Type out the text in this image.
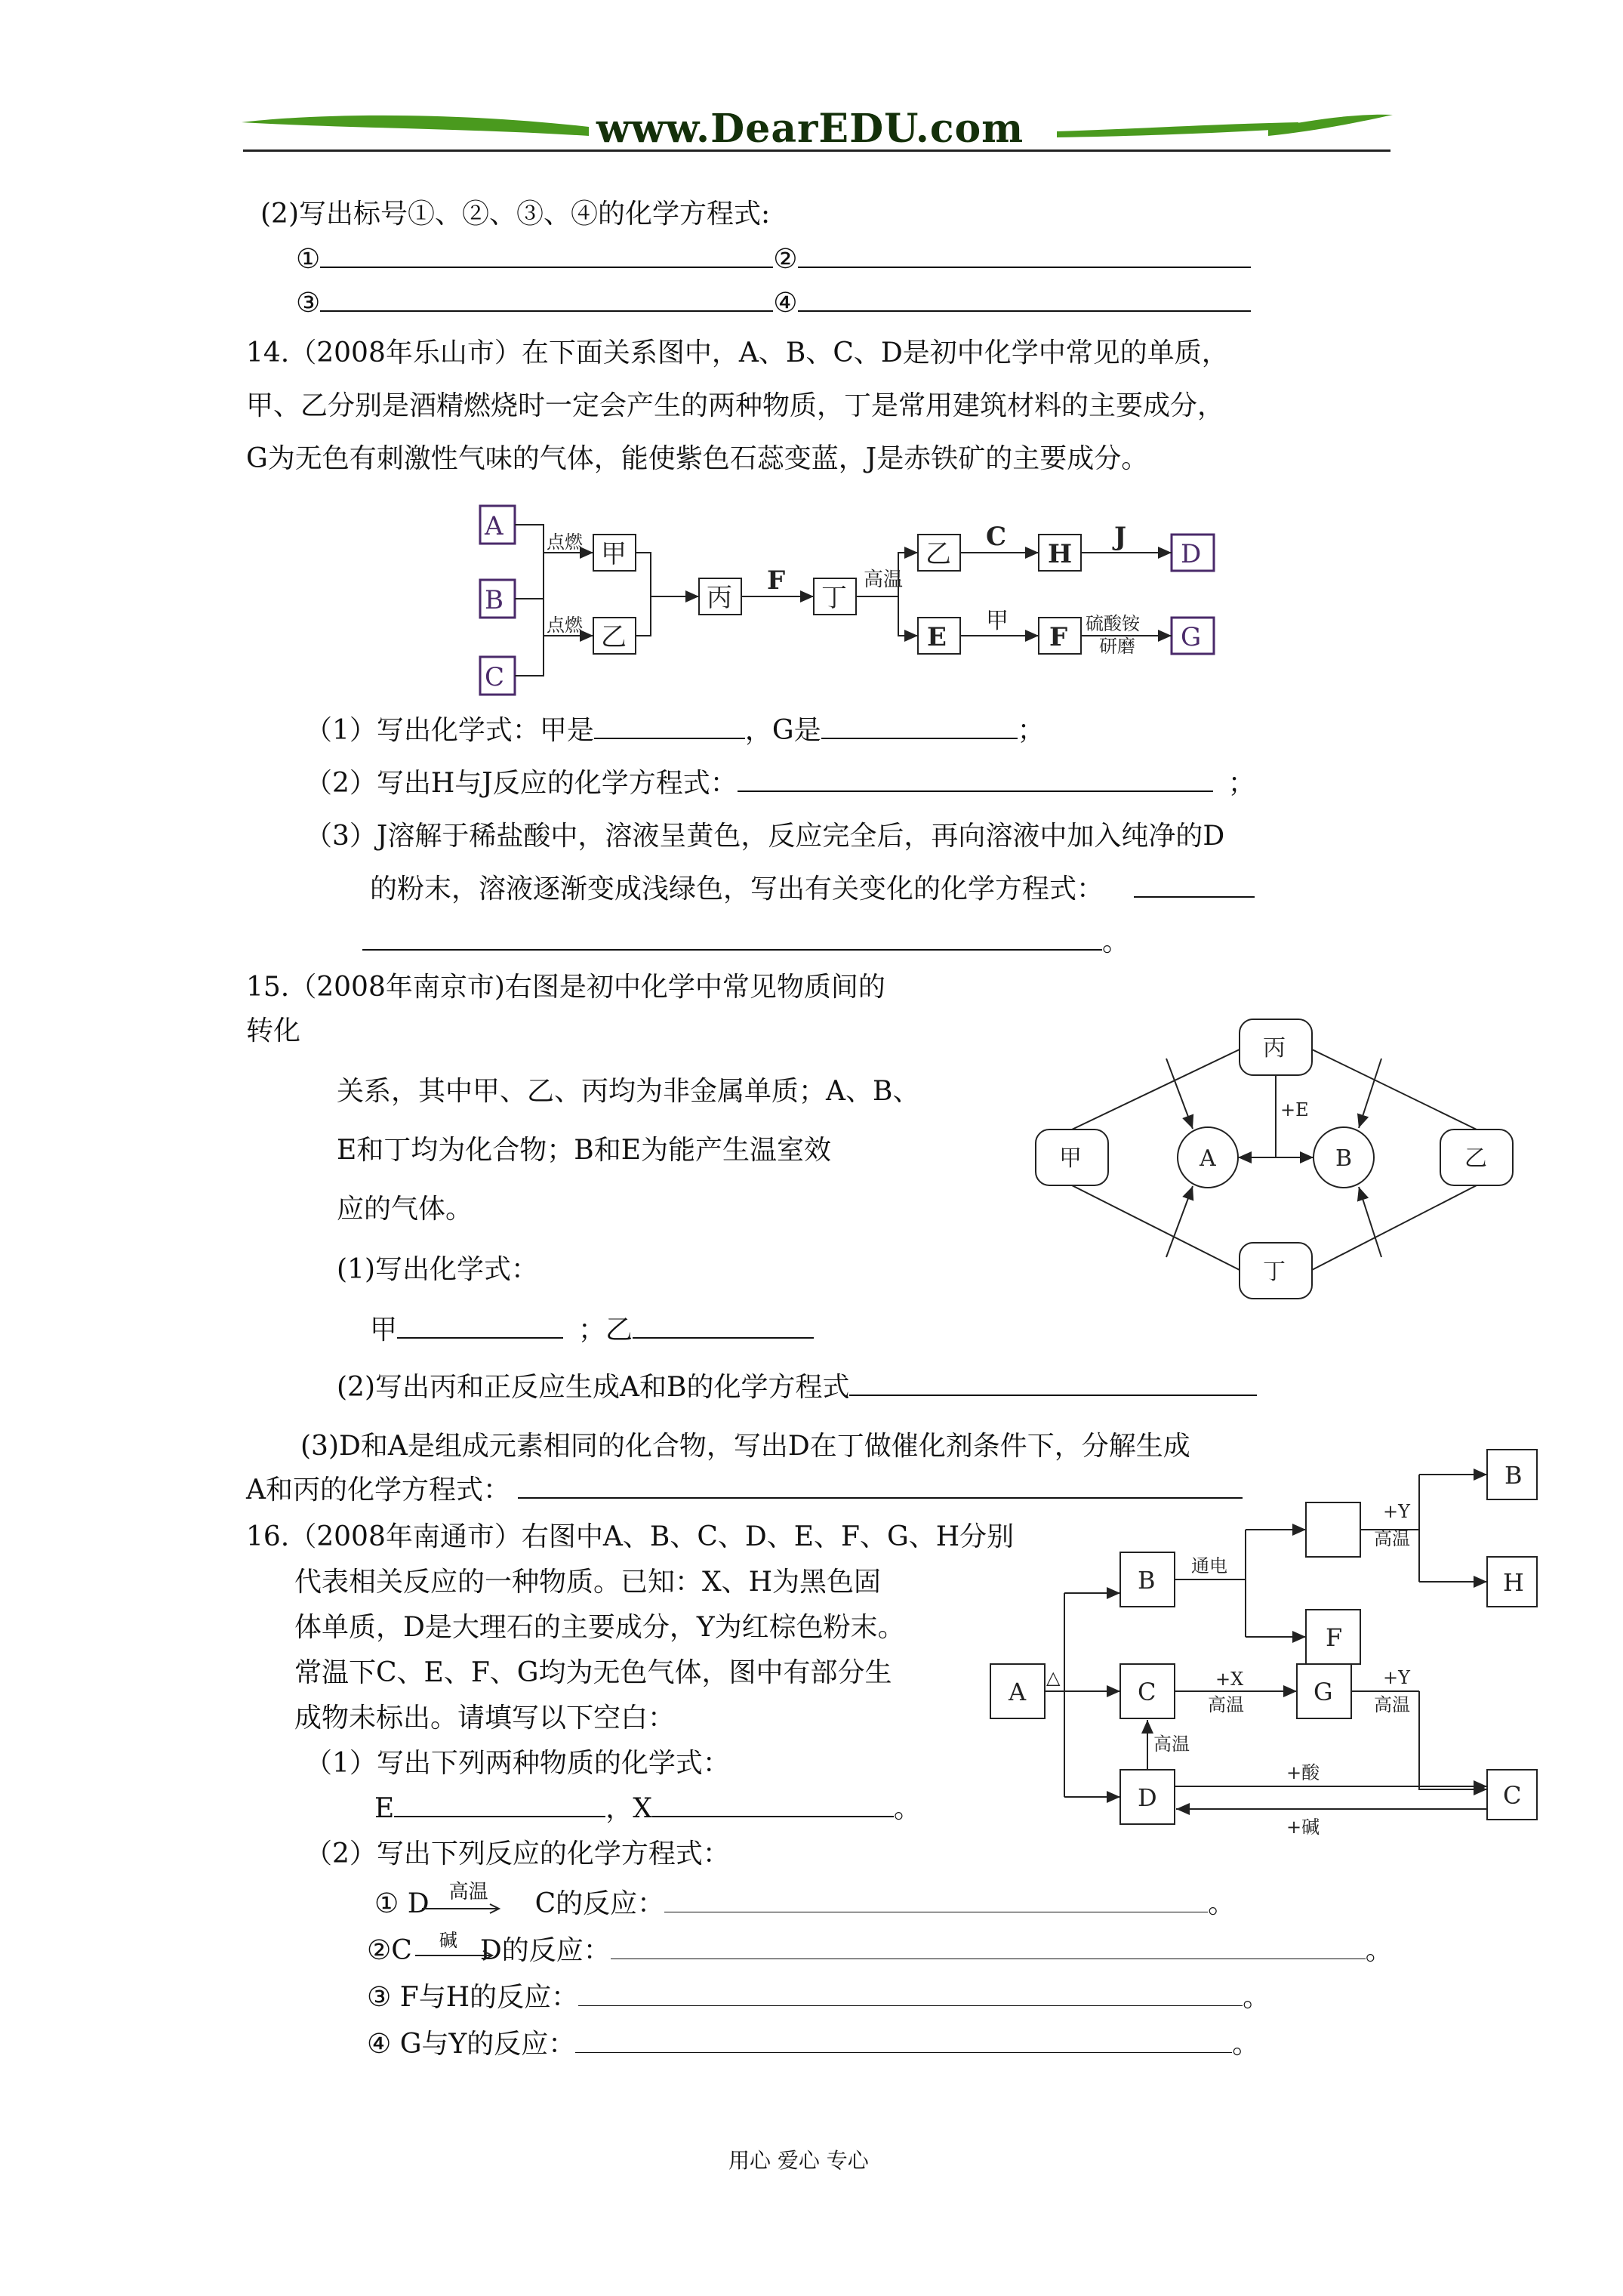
www.DearEDU.com
(2)写出标号①、②、③、④的化学方程式:
①	②
③	④
14.（2008年乐山市）在下面关系图中，A、B、C、D是初中化学中常见的单质，
甲、乙分别是酒精燃烧时一定会产生的两种物质，丁是常用建筑材料的主要成分，
G为无色有刺激性气味的气体，能使紫色石蕊变蓝，J是赤铁矿的主要成分。
A
B
C
甲
乙
丙	丁
乙	H	D
E	F	G
点燃
点燃
F	高温
C	J
甲	硫酸铵
研磨
（1）写出化学式：甲是	，G是	；
（2）写出H与J反应的化学方程式：	；
（3）J溶解于稀盐酸中，溶液呈黄色，反应完全后，再向溶液中加入纯净的D
的粉末，溶液逐渐变成浅绿色，写出有关变化的化学方程式：
。
15.（2008年南京市)右图是初中化学中常见物质间的
转化
关系，其中甲、乙、丙均为非金属单质；A、B、
E和丁均为化合物；B和E为能产生温室效
应的气体。
(1)写出化学式：
甲	；乙
(2)写出丙和正反应生成A和B的化学方程式
(3)D和A是组成元素相同的化合物，写出D在丁做催化剂条件下，分解生成
A和丙的化学方程式：
丙
甲	乙
丁
A	B
+E
16.（2008年南通市）右图中A、B、C、D、E、F、G、H分别
代表相关反应的一种物质。已知：X、H为黑色固
体单质，D是大理石的主要成分，Y为红棕色粉末。
常温下C、E、F、G均为无色气体，图中有部分生
成物未标出。请填写以下空白：
（1）写出下列两种物质的化学式：
E	，X	。
（2）写出下列反应的化学方程式：
① D 高温 C的反应：	。
②C 碱 D的反应：	。
③ F与H的反应：	。
④ G与Y的反应：	。
B
B	H
F
A	C	G
D	C
通电
+Y
高温
+X
高温
+Y
高温
高温
+酸
+碱
△
用心 爱心 专心
